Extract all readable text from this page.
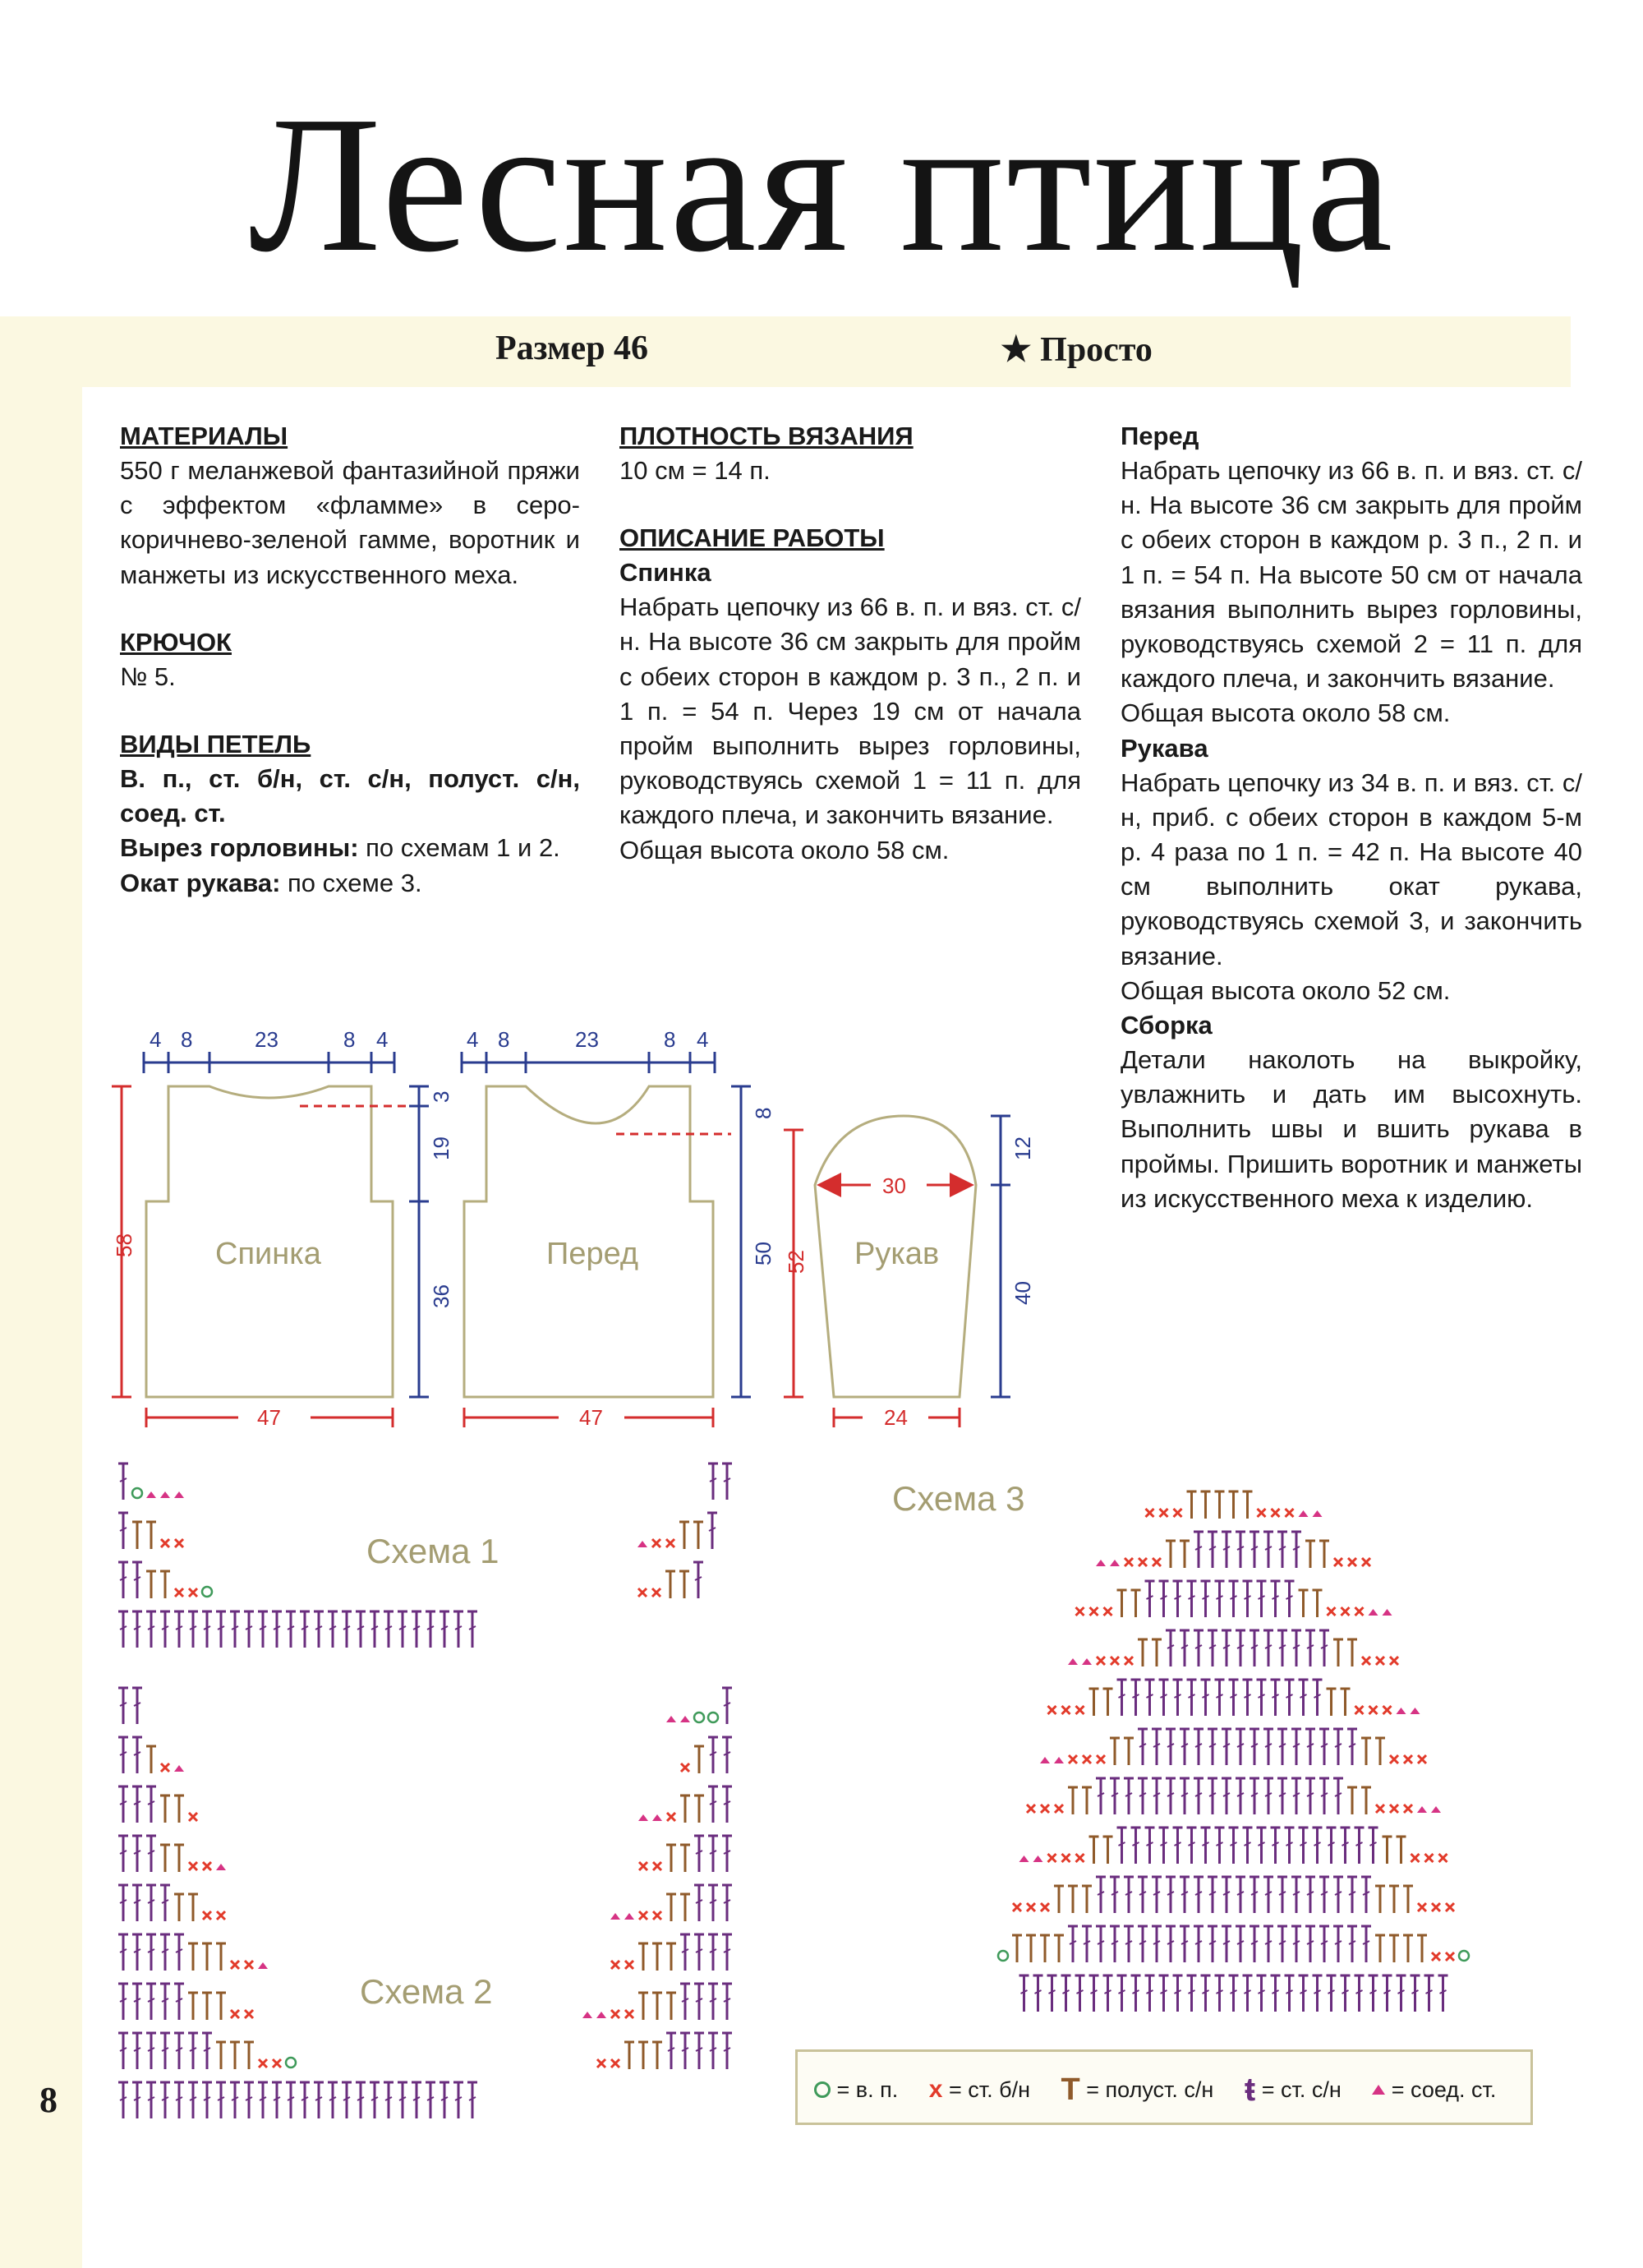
Лесная птица
Размер 46	★ Просто
МАТЕРИАЛЫ

550 г меланжевой фантазийной пряжи с эффектом «фламме» в серо-коричнево-зеленой гамме, воротник и манжеты из искусственного меха.

КРЮЧОК

№ 5.

ВИДЫ ПЕТЕЛЬ

В. п., ст. б/н, ст. с/н, полуст. с/н, соед. ст.

Вырез горловины: по схемам 1 и 2.

Окат рукава: по схеме 3.

ПЛОТНОСТЬ ВЯЗАНИЯ

10 см = 14 п.

ОПИСАНИЕ РАБОТЫ
Спинка

Набрать цепочку из 66 в. п. и вяз. ст. с/н. На высоте 36 см закрыть для пройм с обеих сторон в каждом р. 3 п., 2 п. и 1 п. = 54 п. Через 19 см от начала пройм выполнить вырез горловины, руководствуясь схемой 1 = 11 п. для каждого плеча, и закончить вязание.

Общая высота около 58 см.

Перед

Набрать цепочку из 66 в. п. и вяз. ст. с/н. На высоте 36 см закрыть для пройм с обеих сторон в каждом р. 3 п., 2 п. и 1 п. = 54 п. На высоте 50 см от начала вязания выполнить вырез горловины, руководствуясь схемой 2 = 11 п. для каждого плеча, и закончить вязание.

Общая высота около 58 см.

Рукава

Набрать цепочку из 34 в. п. и вяз. ст. с/н, приб. с обеих сторон в каждом 5-м р. 4 раза по 1 п. = 42 п. На высоте 40 см выполнить окат рукава, руководствуясь схемой 3, и закончить вязание.

Общая высота около 52 см.

Сборка

Детали наколоть на выкройку, увлажнить и дать им высохнуть. Выполнить швы и вшить рукава в проймы. Пришить воротник и манжеты из искусственного меха к изделию.

4 8	23	8 4	4 8	23	8 4
3
19
36
8
50
12
40
58
52
47	47	24
30
Спинка	Перед	Рукав
Схема 1
Схема 2
Схема 3
= в. п. x = ст. б/н T = полуст. с/н ŧ = ст. с/н = соед. ст.
8
